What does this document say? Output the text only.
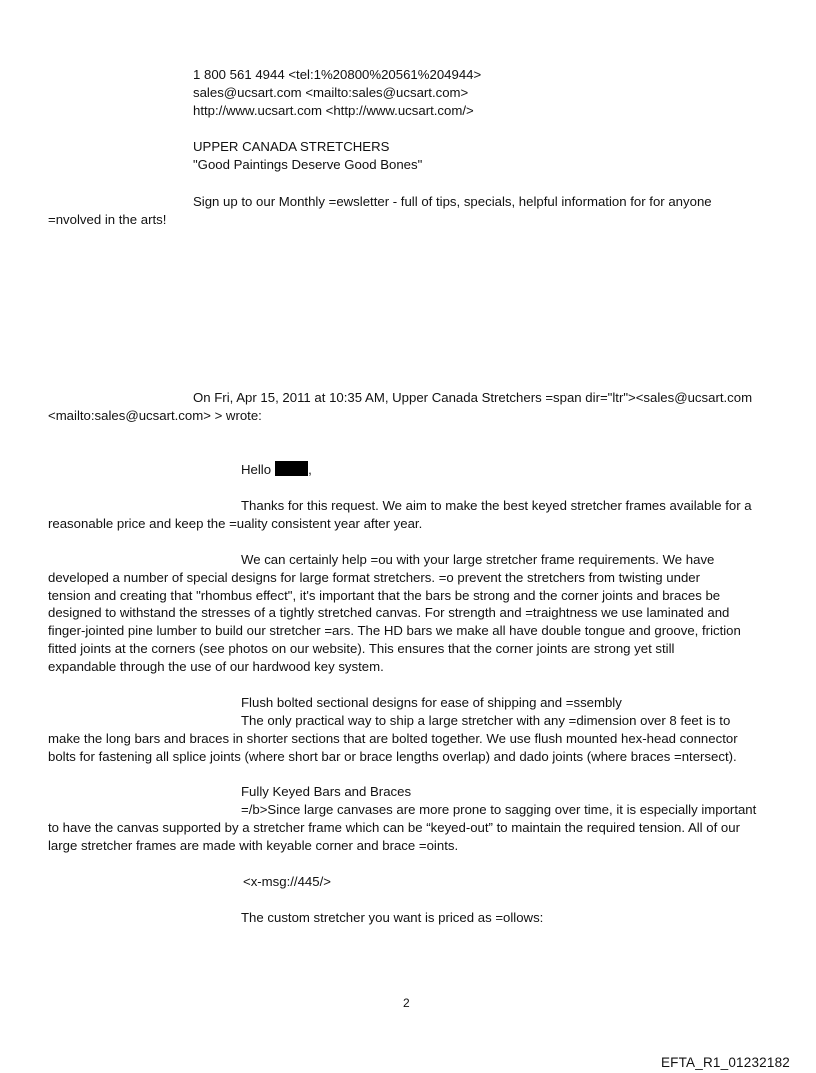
1 800 561 4944 <tel:1%20800%20561%204944>

sales@ucsart.com <mailto:sales@ucsart.com>

http://www.ucsart.com <http://www.ucsart.com/>

UPPER CANADA STRETCHERS

"Good Paintings Deserve Good Bones"

Sign up to our Monthly =ewsletter - full of tips, specials, helpful information for for anyone

=nvolved in the arts!

On Fri, Apr 15, 2011 at 10:35 AM, Upper Canada Stretchers =span dir="ltr"><sales@ucsart.com

<mailto:sales@ucsart.com> > wrote:

Hello	,

Thanks for this request. We aim to make the best keyed stretcher frames available for a

reasonable price and keep the =uality consistent year after year.

We can certainly help =ou with your large stretcher frame requirements. We have

developed a number of special designs for large format stretchers. =o prevent the stretchers from twisting under

tension and creating that "rhombus effect", it's important that the bars be strong and the corner joints and braces be

designed to withstand the stresses of a tightly stretched canvas. For strength and =traightness we use laminated and

finger-jointed pine lumber to build our stretcher =ars. The HD bars we make all have double tongue and groove, friction

fitted joints at the corners (see photos on our website). This ensures that the corner joints are strong yet still

expandable through the use of our hardwood key system.

Flush bolted sectional designs for ease of shipping and =ssembly

The only practical way to ship a large stretcher with any =dimension over 8 feet is to

make the long bars and braces in shorter sections that are bolted together. We use flush mounted hex-head connector

bolts for fastening all splice joints (where short bar or brace lengths overlap) and dado joints (where braces =ntersect).

Fully Keyed Bars and Braces

=/b>Since large canvases are more prone to sagging over time, it is especially important

to have the canvas supported by a stretcher frame which can be “keyed-out” to maintain the required tension. All of our

large stretcher frames are made with keyable corner and brace =oints.

<x-msg://445/>

The custom stretcher you want is priced as =ollows:

2
EFTA_R1_01232182
